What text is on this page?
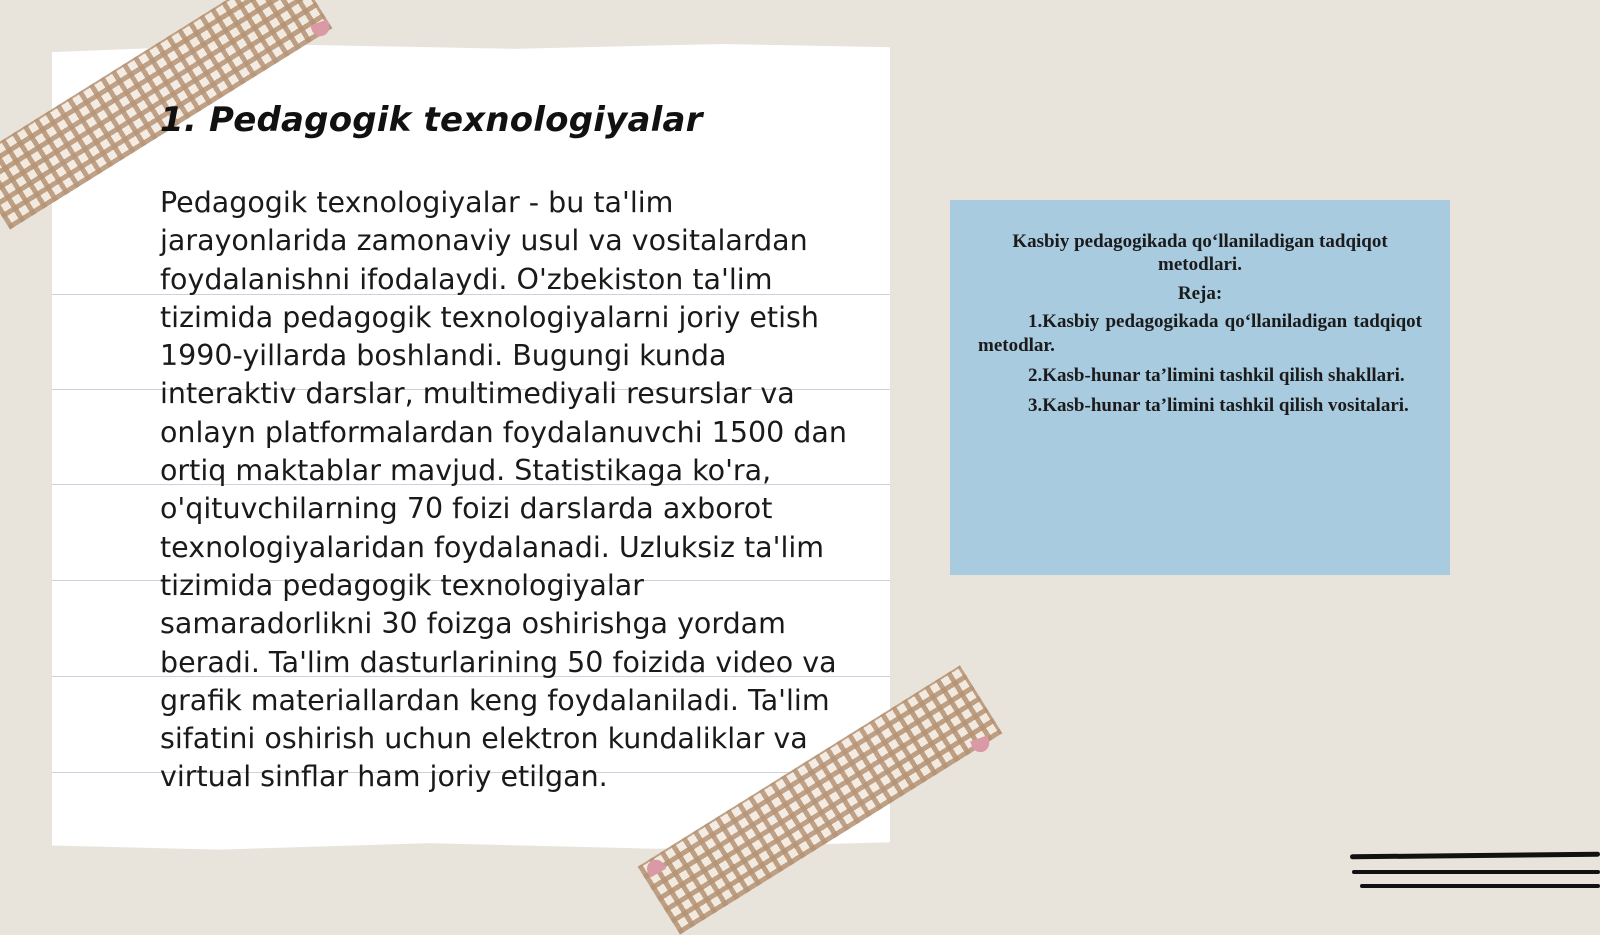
1. Pedagogik texnologiyalar

Pedagogik texnologiyalar - bu ta'lim jarayonlarida zamonaviy usul va vositalardan foydalanishni ifodalaydi. O'zbekiston ta'lim tizimida pedagogik texnologiyalarni joriy etish 1990-yillarda boshlandi. Bugungi kunda interaktiv darslar, multimediyali resurslar va onlayn platformalardan foydalanuvchi 1500 dan ortiq maktablar mavjud. Statistikaga ko'ra, o'qituvchilarning 70 foizi darslarda axborot texnologiyalaridan foydalanadi. Uzluksiz ta'lim tizimida pedagogik texnologiyalar samaradorlikni 30 foizga oshirishga yordam beradi. Ta'lim dasturlarining 50 foizida video va grafik materiallardan keng foydalaniladi. Ta'lim sifatini oshirish uchun elektron kundaliklar va virtual sinflar ham joriy etilgan.

Kasbiy pedagogikada qo‘llaniladigan tadqiqot metodlari.

Reja:

1.Kasbiy pedagogikada qo‘llaniladigan tadqiqot metodlar.

2.Kasb-hunar ta’limini tashkil qilish shakllari.

3.Kasb-hunar ta’limini tashkil qilish vositalari.
